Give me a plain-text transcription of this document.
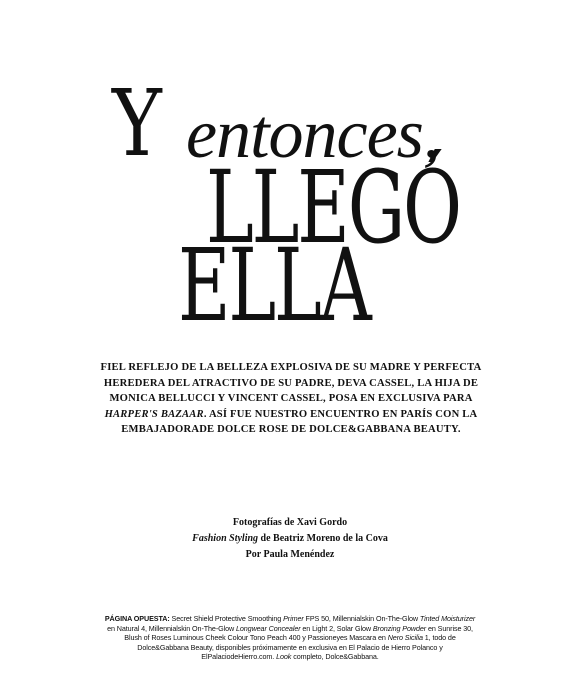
Y entonces,
LLEGÓ
ELLA
FIEL REFLEJO DE LA BELLEZA EXPLOSIVA DE SU MADRE Y PERFECTA HEREDERA DEL ATRACTIVO DE SU PADRE, DEVA CASSEL, LA HIJA DE MONICA BELLUCCI Y VINCENT CASSEL, POSA EN EXCLUSIVA PARA HARPER'S BAZAAR. ASÍ FUE NUESTRO ENCUENTRO EN PARÍS CON LA EMBAJADORADE DOLCE ROSE DE DOLCE&GABBANA BEAUTY.
Fotografías de Xavi Gordo
Fashion Styling de Beatriz Moreno de la Cova
Por Paula Menéndez
PÁGINA OPUESTA: Secret Shield Protective Smoothing Primer FPS 50, Millennialskin On-The-Glow Tinted Moisturizer en Natural 4, Millennialskin On-The-Glow Longwear Concealer en Light 2, Solar Glow Bronzing Powder en Sunrise 30, Blush of Roses Luminous Cheek Colour Tono Peach 400 y Passioneyes Mascara en Nero Sicilia 1, todo de Dolce&Gabbana Beauty, disponibles próximamente en exclusiva en El Palacio de Hierro Polanco y ElPalaciodeHierro.com. Look completo, Dolce&Gabbana.
